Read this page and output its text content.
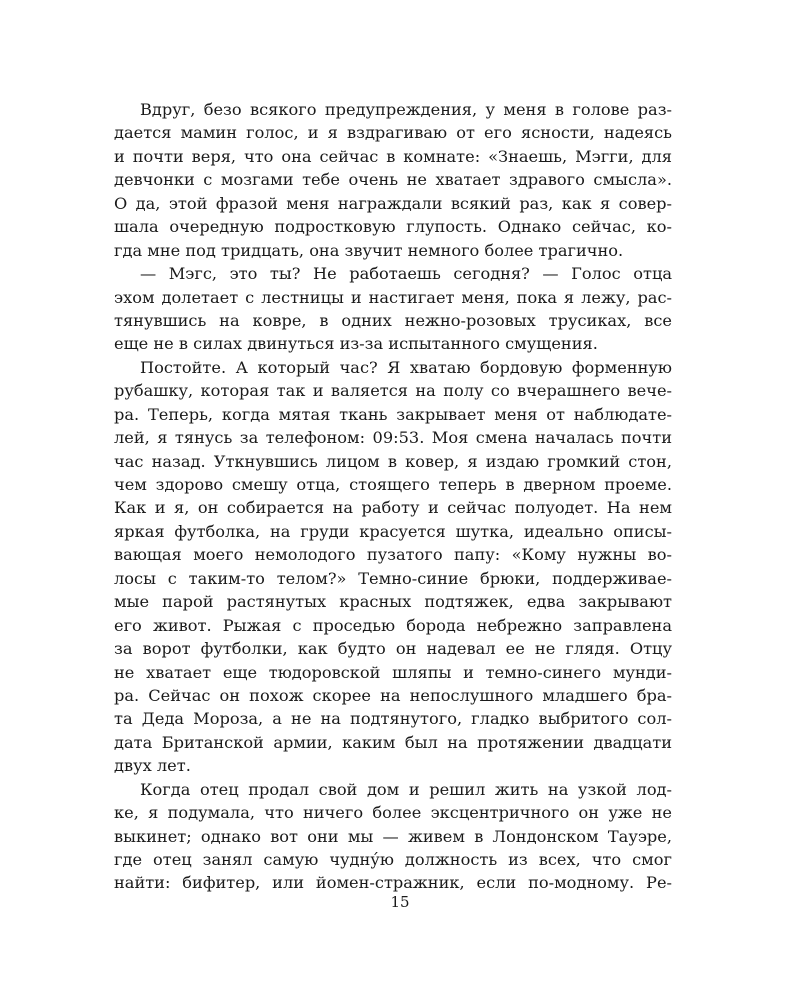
Вдруг, безо всякого предупреждения, у меня в голове раз-
дается мамин голос, и я вздрагиваю от его ясности, надеясь
и почти веря, что она сейчас в комнате: «Знаешь, Мэгги, для
девчонки с мозгами тебе очень не хватает здравого смысла».
О да, этой фразой меня награждали всякий раз, как я совер-
шала очередную подростковую глупость. Однако сейчас, ко-
гда мне под тридцать, она звучит немного более трагично.
— Мэгс, это ты? Не работаешь сегодня? — Голос отца
эхом долетает с лестницы и настигает меня, пока я лежу, рас-
тянувшись на ковре, в одних нежно-розовых трусиках, все
еще не в силах двинуться из-за испытанного смущения.
Постойте. А который час? Я хватаю бордовую форменную
рубашку, которая так и валяется на полу со вчерашнего вече-
ра. Теперь, когда мятая ткань закрывает меня от наблюдате-
лей, я тянусь за телефоном: 09:53. Моя смена началась почти
час назад. Уткнувшись лицом в ковер, я издаю громкий стон,
чем здорово смешу отца, стоящего теперь в дверном проеме.
Как и я, он собирается на работу и сейчас полуодет. На нем
яркая футболка, на груди красуется шутка, идеально описы-
вающая моего немолодого пузатого папу: «Кому нужны во-
лосы с таким-то телом?» Темно-синие брюки, поддерживае-
мые парой растянутых красных подтяжек, едва закрывают
его живот. Рыжая с проседью борода небрежно заправлена
за ворот футболки, как будто он надевал ее не глядя. Отцу
не хватает еще тюдоровской шляпы и темно-синего мунди-
ра. Сейчас он похож скорее на непослушного младшего бра-
та Деда Мороза, а не на подтянутого, гладко выбритого сол-
дата Британской армии, каким был на протяжении двадцати
двух лет.
Когда отец продал свой дом и решил жить на узкой лод-
ке, я подумала, что ничего более эксцентричного он уже не
выкинет; однако вот они мы — живем в Лондонском Тауэре,
где отец занял самую чудну́ю должность из всех, что смог
найти: бифитер, или йомен-стражник, если по-модному. Ре-
15
